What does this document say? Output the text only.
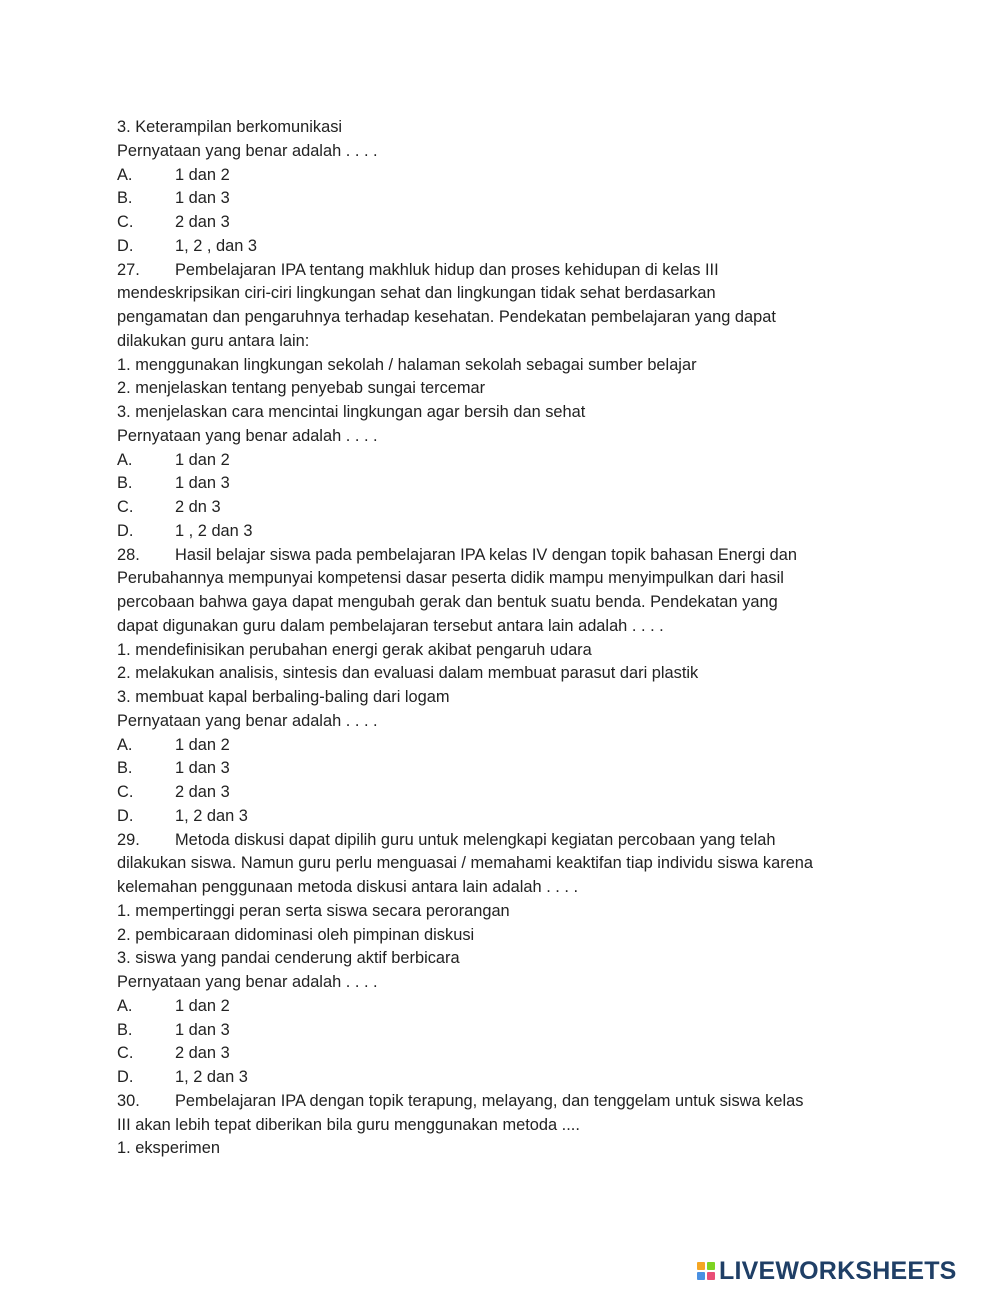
3. Keterampilan berkomunikasi
Pernyataan yang benar adalah . . . .
A.	1 dan 2
B.	1 dan 3
C.	2 dan 3
D.	1, 2 , dan 3
27. Pembelajaran IPA tentang makhluk hidup dan proses kehidupan di kelas III
mendeskripsikan ciri-ciri lingkungan sehat dan lingkungan tidak sehat berdasarkan
pengamatan dan pengaruhnya terhadap kesehatan. Pendekatan pembelajaran yang dapat
dilakukan guru antara lain:
1. menggunakan lingkungan sekolah / halaman sekolah sebagai sumber belajar
2. menjelaskan tentang penyebab sungai tercemar
3. menjelaskan cara mencintai lingkungan agar bersih dan sehat
Pernyataan yang benar adalah . . . .
A.	1 dan 2
B.	1 dan 3
C.	2 dn 3
D.	1 , 2 dan 3
28. Hasil belajar siswa pada pembelajaran IPA kelas IV dengan topik bahasan Energi dan
Perubahannya mempunyai kompetensi dasar peserta didik mampu menyimpulkan dari hasil
percobaan bahwa gaya dapat mengubah gerak dan bentuk suatu benda. Pendekatan yang
dapat digunakan guru dalam pembelajaran tersebut antara lain adalah . . . .
1. mendefinisikan perubahan energi gerak akibat pengaruh udara
2. melakukan analisis, sintesis dan evaluasi dalam membuat parasut dari plastik
3. membuat kapal berbaling-baling dari logam
Pernyataan yang benar adalah . . . .
A.	1 dan 2
B.	1 dan 3
C.	2 dan 3
D.	1, 2 dan 3
29. Metoda diskusi dapat dipilih guru untuk melengkapi kegiatan percobaan yang telah
dilakukan siswa. Namun guru perlu menguasai / memahami keaktifan tiap individu siswa karena
kelemahan penggunaan metoda diskusi antara lain adalah . . . .
1. mempertinggi peran serta siswa secara perorangan
2. pembicaraan didominasi oleh pimpinan diskusi
3. siswa yang pandai cenderung aktif berbicara
Pernyataan yang benar adalah . . . .
A.	1 dan 2
B.	1 dan 3
C.	2 dan 3
D.	1, 2 dan 3
30. Pembelajaran IPA dengan topik terapung, melayang, dan tenggelam untuk siswa kelas
III akan lebih tepat diberikan bila guru menggunakan metoda ....
1. eksperimen
LIVEWORKSHEETS
